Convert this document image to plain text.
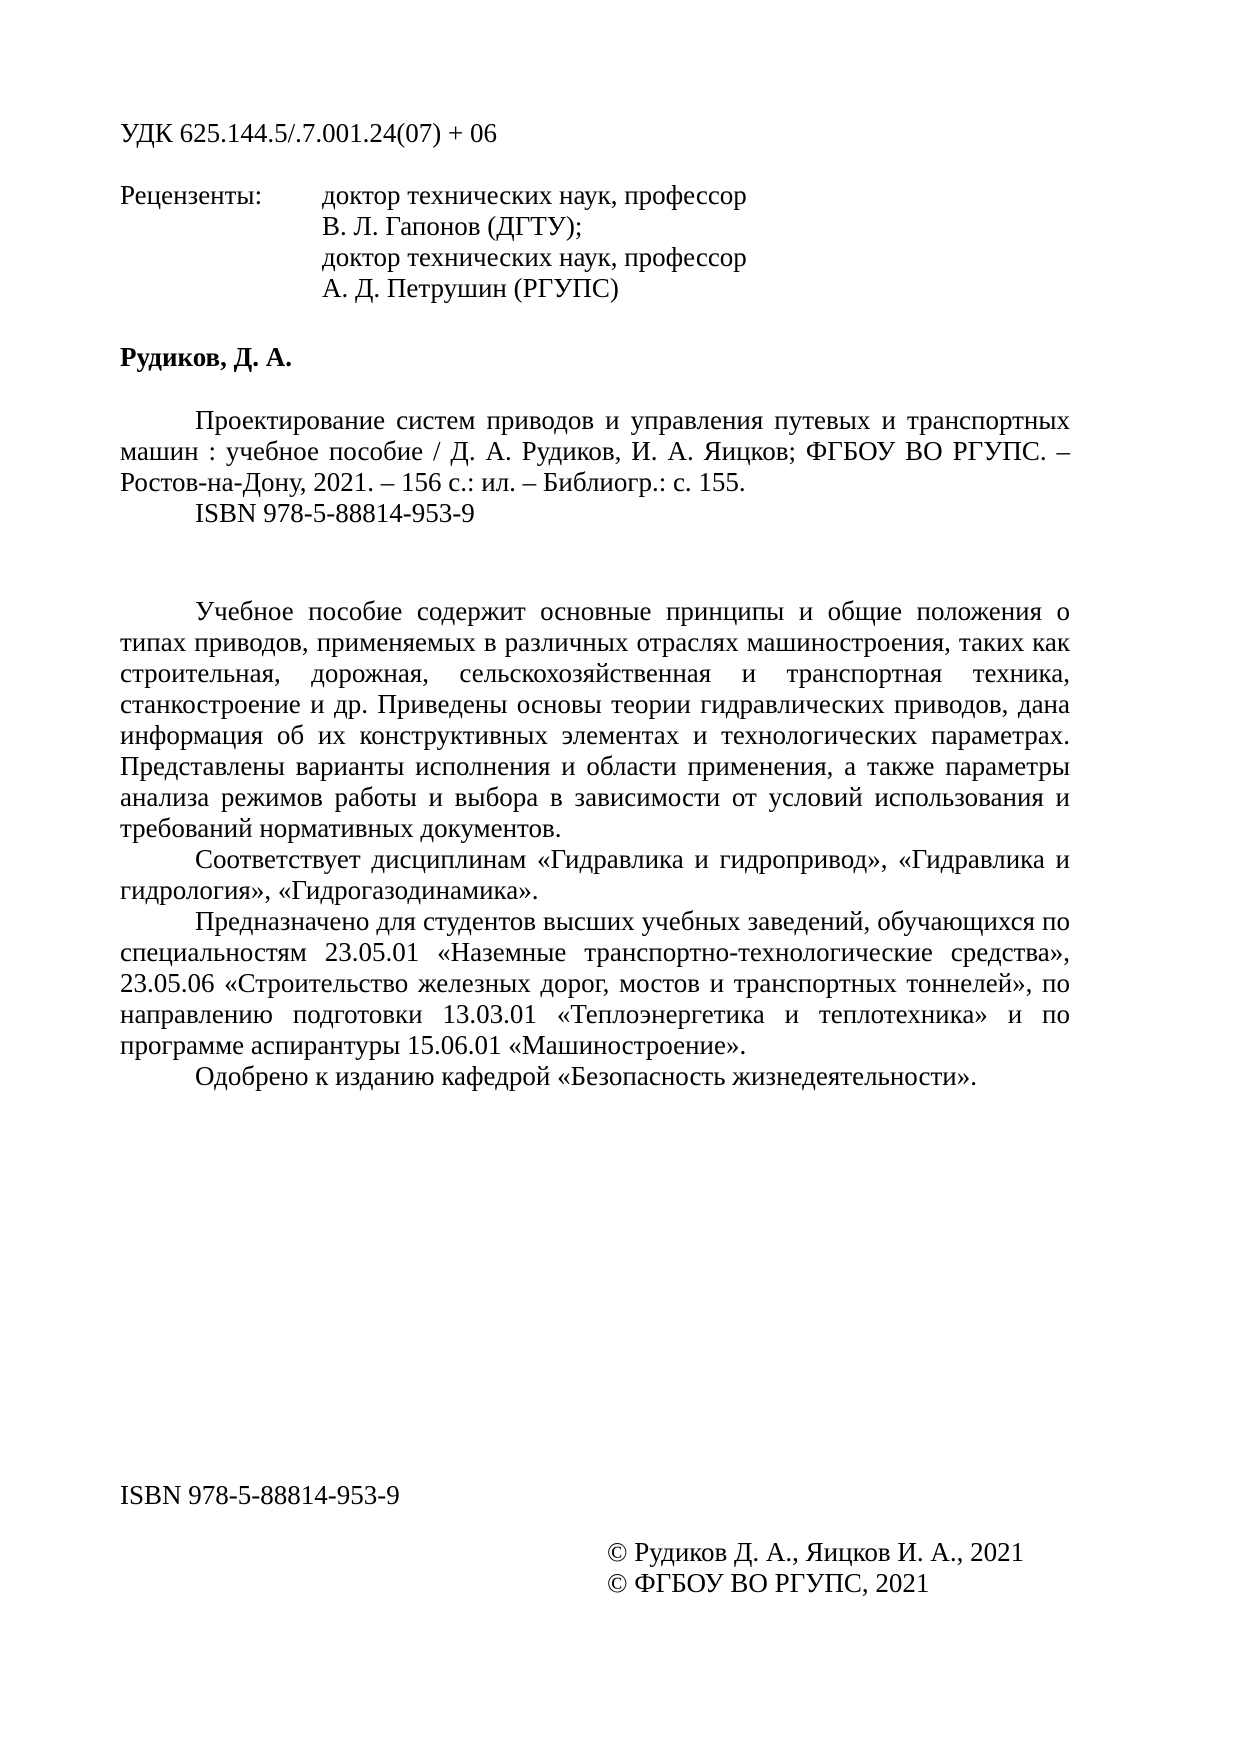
УДК 625.144.5/.7.001.24(07) + 06
Рецензенты:	доктор технических наук, профессор
В. Л. Гапонов (ДГТУ);
доктор технических наук, профессор
А. Д. Петрушин (РГУПС)
Рудиков, Д. А.

Проектирование систем приводов и управления путевых и транспортных машин : учебное пособие / Д. А. Рудиков, И. А. Яицков; ФГБОУ ВО РГУПС. – Ростов-на-Дону, 2021. – 156 с.: ил. – Библиогр.: с. 155.

ISBN 978-5-88814-953-9

Учебное пособие содержит основные принципы и общие положения о типах приводов, применяемых в различных отраслях машиностроения, таких как строительная, дорожная, сельскохозяйственная и транспортная техника, станкостроение и др. Приведены основы теории гидравлических приводов, дана информация об их конструктивных элементах и технологических параметрах. Представлены варианты исполнения и области применения, а также параметры анализа режимов работы и выбора в зависимости от условий использования и требований нормативных документов.

Соответствует дисциплинам «Гидравлика и гидропривод», «Гидравлика и гидрология», «Гидрогазодинамика».

Предназначено для студентов высших учебных заведений, обучающихся по специальностям 23.05.01 «Наземные транспортно-технологические средства», 23.05.06 «Строительство железных дорог, мостов и транспортных тоннелей», по направлению подготовки 13.03.01 «Теплоэнергетика и теплотехника» и по программе аспирантуры 15.06.01 «Машиностроение».

Одобрено к изданию кафедрой «Безопасность жизнедеятельности».

ISBN 978-5-88814-953-9
© Рудиков Д. А., Яицков И. А., 2021
© ФГБОУ ВО РГУПС, 2021
